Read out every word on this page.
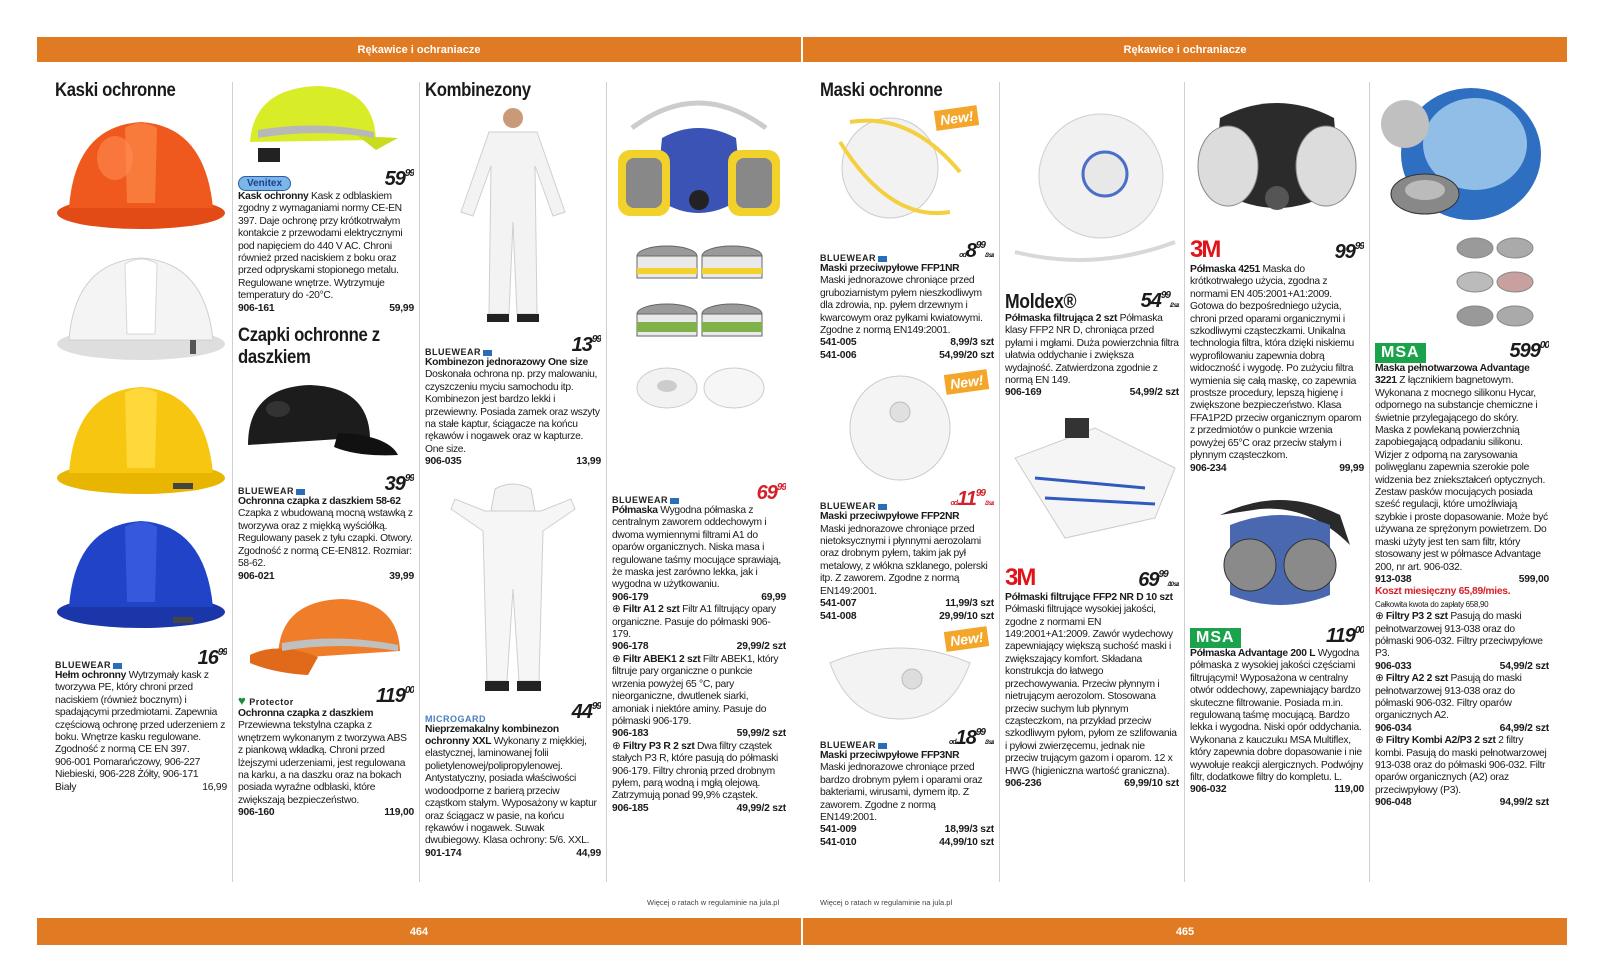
Rękawice i ochraniacze	Rękawice i ochraniacze
464	465
Więcej o ratach w regulaminie na jula.pl	Więcej o ratach w regulaminie na jula.pl
Kaski ochronne
BLUEWEAR	$16^{99}$

Hełm ochronny Wytrzymały kask z tworzywa PE, który chroni przed naciskiem (również bocznym) i spadającymi przedmiotami. Zapewnia częściową ochronę przed uderzeniem z boku. Wnętrze kasku regulowane. Zgodność z normą CE EN 397.

906-001 Pomarańczowy, 906-227 Niebieski, 906-228 Żółty, 906-171

Biały	16,99
Venitex	$59^{99}$

Kask ochronny Kask z odblaskiem zgodny z wymaganiami normy CE-EN 397. Daje ochronę przy krótkotrwałym kontakcie z przewodami elektrycznymi pod napięciem do 440 V AC. Chroni również przed naciskiem z boku oraz przed odpryskami stopionego metalu. Regulowane wnętrze. Wytrzymuje temperatury do -20°C.

906-161	59,99
Czapki ochronne z daszkiem
BLUEWEAR	$39^{99}$

Ochronna czapka z daszkiem 58-62 Czapka z wbudowaną mocną wstawką z tworzywa oraz z miękką wyściółką. Regulowany pasek z tyłu czapki. Otwory. Zgodność z normą CE-EN812. Rozmiar: 58-62.

906-021	39,99
♥ Protector	$119^{00}$

Ochronna czapka z daszkiem Przewiewna tekstylna czapka z wnętrzem wykonanym z tworzywa ABS z piankową wkładką. Chroni przed lżejszymi uderzeniami, jest regulowana na karku, a na daszku oraz na bokach posiada wyraźne odblaski, które zwiększają bezpieczeństwo.

906-160	119,00
Kombinezony
BLUEWEAR	$13^{99}$

Kombinezon jednorazowy One size Doskonała ochrona np. przy malowaniu, czyszczeniu myciu samochodu itp. Kombinezon jest bardzo lekki i przewiewny. Posiada zamek oraz wszyty na stałe kaptur, ściągacze na końcu rękawów i nogawek oraz w kapturze. One size.

906-035	13,99
MICROGARD	$44^{99}$

Nieprzemakalny kombinezon ochronny XXL Wykonany z miękkiej, elastycznej, laminowanej folii polietylenowej/polipropylenowej. Antystatyczny, posiada właściwości wodoodporne z barierą przeciw cząstkom stałym. Wyposażony w kaptur oraz ściągacz w pasie, na końcu rękawów i nogawek. Suwak dwubiegowy. Klasa ochrony: 5/6. XXL.

901-174	44,99
BLUEWEAR	$69^{99}$

Półmaska Wygodna półmaska z centralnym zaworem oddechowym i dwoma wymiennymi filtrami A1 do oparów organicznych. Niska masa i regulowane taśmy mocujące sprawiają, że maska jest zarówno lekka, jak i wygodna w użytkowaniu.

906-179	69,99

⊕ Filtr A1 2 szt Filtr A1 filtrujący opary organiczne. Pasuje do półmaski 906-179.

906-178	29,99/2 szt

⊕ Filtr ABEK1 2 szt Filtr ABEK1, który filtruje pary organiczne o punkcie wrzenia powyżej 65 °C, pary nieorganiczne, dwutlenek siarki, amoniak i niektóre aminy. Pasuje do półmaski 906-179.

906-183	59,99/2 szt

⊕ Filtry P3 R 2 szt Dwa filtry cząstek stałych P3 R, które pasują do półmaski 906-179. Filtry chronią przed drobnym pyłem, parą wodną i mgłą olejową. Zatrzymują ponad 99,9% cząstek.

906-185	49,99/2 szt
Maski ochronne
New!
BLUEWEAR	$od8^{99}/3$ szt

Maski przeciwpyłowe FFP1NR
Maski jednorazowe chroniące przed gruboziarnistym pyłem nieszkodliwym dla zdrowia, np. pyłem drzewnym i kwarcowym oraz pyłkami kwiatowymi. Zgodne z normą EN149:2001.

541-005	8,99/3 szt
541-006	54,99/20 szt
New!
BLUEWEAR	$od11^{99}/3$ szt

Maski przeciwpyłowe FFP2NR
Maski jednorazowe chroniące przed nietoksycznymi i płynnymi aerozolami oraz drobnym pyłem, takim jak pył metalowy, z włókna szklanego, polerski itp. Z zaworem. Zgodne z normą EN149:2001.

541-007	11,99/3 szt
541-008	29,99/10 szt
New!
BLUEWEAR	$od18^{99}/3$ szt

Maski przeciwpyłowe FFP3NR
Maski jednorazowe chroniące przed bardzo drobnym pyłem i oparami oraz bakteriami, wirusami, dymem itp. Z zaworem. Zgodne z normą EN149:2001.

541-009	18,99/3 szt
541-010	44,99/10 szt
Moldex®	$54^{99}/2$ szt

Półmaska filtrująca 2 szt Półmaska klasy FFP2 NR D, chroniąca przed pyłami i mgłami. Duża powierzchnia filtra ułatwia oddychanie i zwiększa wydajność. Zatwierdzona zgodnie z normą EN 149.

906-169	54,99/2 szt
3M	$69^{99}/10$ szt

Półmaski filtrujące FFP2 NR D 10 szt Półmaski filtrujące wysokiej jakości, zgodne z normami EN 149:2001+A1:2009. Zawór wydechowy zapewniający większą suchość maski i zwiększający komfort. Składana konstrukcja do łatwego przechowywania. Przeciw płynnym i nietrującym aerozolom. Stosowana przeciw suchym lub płynnym cząsteczkom, na przykład przeciw szkodliwym pyłom, pyłom ze szlifowania i pyłowi zwierzęcemu, jednak nie przeciw trującym gazom i oparom. 12 x HWG (higieniczna wartość graniczna).

906-236	69,99/10 szt
3M	$99^{99}$

Półmaska 4251 Maska do krótkotrwałego użycia, zgodna z normami EN 405:2001+A1:2009. Gotowa do bezpośredniego użycia, chroni przed oparami organicznymi i szkodliwymi cząsteczkami. Unikalna technologia filtra, która dzięki niskiemu wyprofilowaniu zapewnia dobrą widoczność i wygodę. Po zużyciu filtra wymienia się całą maskę, co zapewnia prostsze procedury, lepszą higienę i zwiększone bezpieczeństwo. Klasa FFA1P2D przeciw organicznym oparom z przedmiotów o punkcie wrzenia powyżej 65°C oraz przeciw stałym i płynnym cząsteczkom.

906-234	99,99
MSA	$119^{00}$

Półmaska Advantage 200 L Wygodna półmaska z wysokiej jakości częściami filtrującymi! Wyposażona w centralny otwór oddechowy, zapewniający bardzo skuteczne filtrowanie. Posiada m.in. regulowaną taśmę mocującą. Bardzo lekka i wygodna. Niski opór oddychania. Wykonana z kauczuku MSA Multiflex, który zapewnia dobre dopasowanie i nie wywołuje reakcji alergicznych. Podwójny filtr, dodatkowe filtry do kompletu. L.

906-032	119,00
MSA	$599^{00}$

Maska pełnotwarzowa Advantage 3221 Z łącznikiem bagnetowym. Wykonana z mocnego silikonu Hycar, odpornego na substancje chemiczne i świetnie przylegającego do skóry. Maska z powlekaną powierzchnią zapobiegającą odpadaniu silikonu. Wizjer z odporną na zarysowania poliwęglanu zapewnia szerokie pole widzenia bez zniekształceń optycznych. Zestaw pasków mocujących posiada sześć regulacji, które umożliwiają szybkie i proste dopasowanie. Może być używana ze sprężonym powietrzem. Do maski użyty jest ten sam filtr, który stosowany jest w półmasce Advantage 200, nr art. 906-032.

913-038	599,00
Koszt miesięczny 65,89/mies.
Całkowita kwota do zapłaty 658,90

⊕ Filtry P3 2 szt Pasują do maski pełnotwarzowej 913-038 oraz do półmaski 906-032. Filtry przeciwpyłowe P3.

906-033	54,99/2 szt

⊕ Filtry A2 2 szt Pasują do maski pełnotwarzowej 913-038 oraz do półmaski 906-032. Filtry oparów organicznych A2.

906-034	64,99/2 szt

⊕ Filtry Kombi A2/P3 2 szt 2 filtry kombi. Pasują do maski pełnotwarzowej 913-038 oraz do półmaski 906-032. Filtr oparów organicznych (A2) oraz przeciwpyłowy (P3).

906-048	94,99/2 szt
